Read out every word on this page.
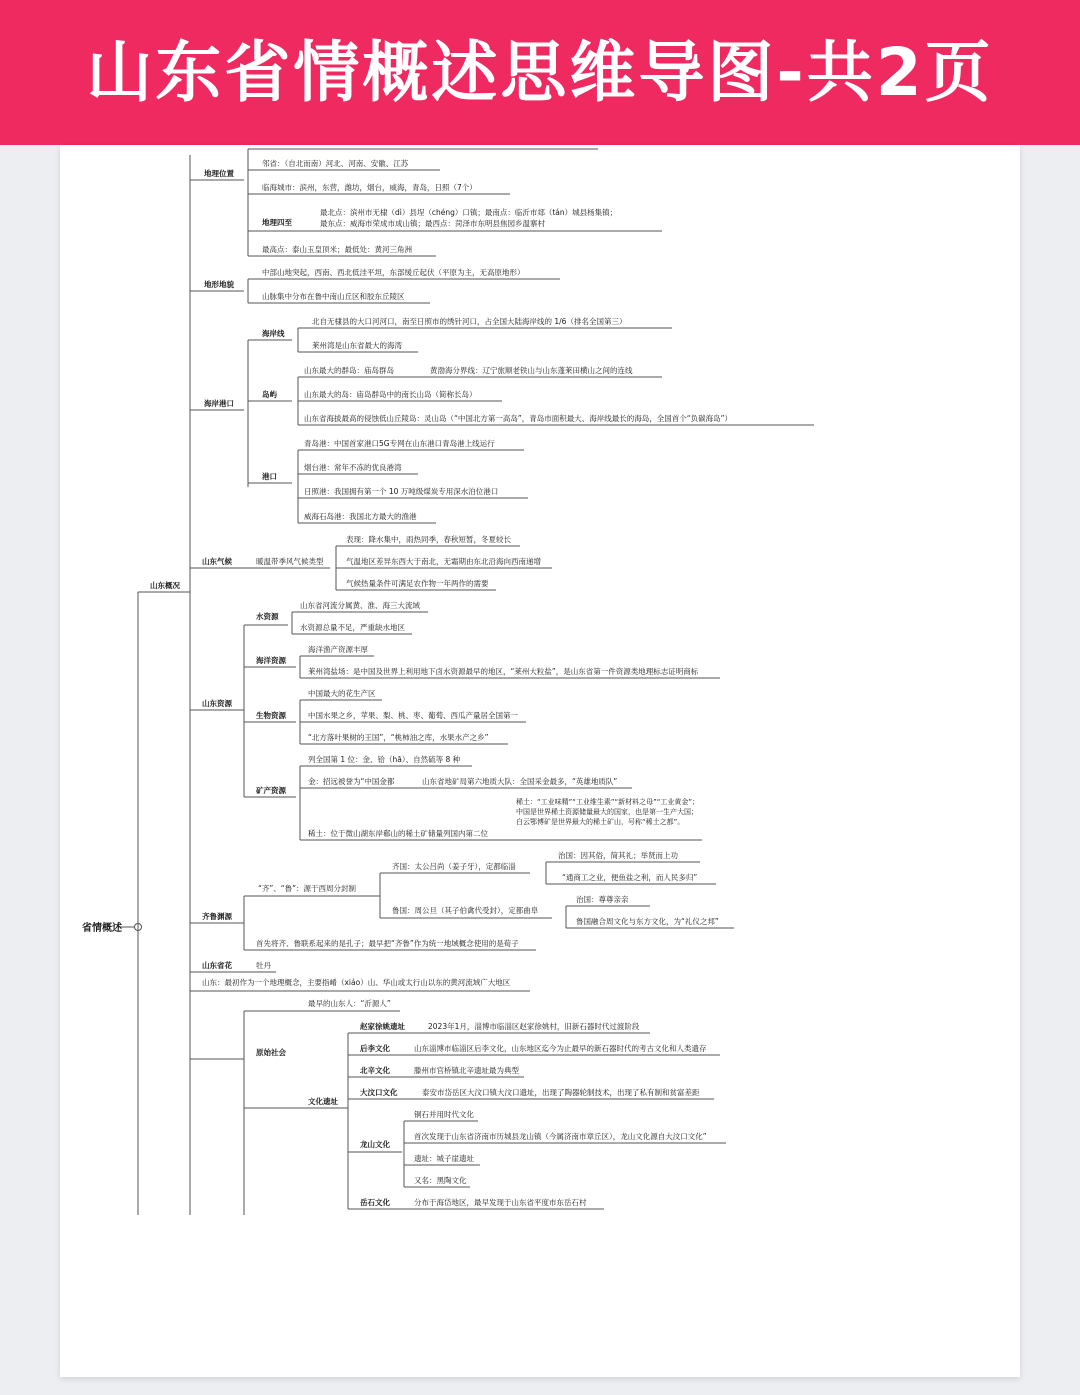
山东省情概述思维导图-共2页
省情概述
山东概况
地理位置
邻省：（自北而南）河北、河南、安徽、江苏
临海城市：滨州，东营，潍坊，烟台，威海，青岛，日照（7个）
地理四至
最北点：滨州市无棣（dì）县埕（chéng）口镇；最南点：临沂市郯（tán）城县杨集镇；
最东点：威海市荣成市成山镇；最西点：菏泽市东明县焦园乡温寨村
最高点：泰山玉皇顶米；最低处：黄河三角洲
地形地貌
中部山地突起，西南、西北低洼平坦，东部缓丘起伏（平原为主，无高原地形）
山脉集中分布在鲁中南山丘区和胶东丘陵区
海岸港口
海岸线
北自无棣县的大口河河口，南至日照市的绣针河口，占全国大陆海岸线的 1/6（排名全国第三）
莱州湾是山东省最大的海湾
岛屿
山东最大的群岛：庙岛群岛	黄渤海分界线：辽宁旅顺老铁山与山东蓬莱田横山之间的连线
山东最大的岛：庙岛群岛中的南长山岛（简称长岛）
山东省海拔最高的侵蚀低山丘陵岛：灵山岛（“中国北方第一高岛”，青岛市面积最大、海岸线最长的海岛，全国首个“负碳海岛”）
港口
青岛港：中国首家港口5G专网在山东港口青岛港上线运行
烟台港：常年不冻的优良港湾
日照港：我国拥有第一个 10 万吨级煤炭专用深水泊位港口
威海石岛港：我国北方最大的渔港
山东气候	暖温带季风气候类型
表现：降水集中，雨热同季，春秋短暂，冬夏较长
气温地区差异东西大于南北，无霜期由东北沿海向西南递增
气候热量条件可满足农作物一年两作的需要
山东资源
水资源
山东省河流分属黄、淮、海三大流域
水资源总量不足，严重缺水地区
海洋资源
海洋渔产资源丰厚
莱州湾盐场：是中国及世界上利用地下卤水资源最早的地区，“莱州大粒盐”，是山东省第一件资源类地理标志证明商标
生物资源
中国最大的花生产区
中国水果之乡，苹果、梨、桃、枣、葡萄、西瓜产量居全国第一
“北方落叶果树的王国”，“桃柿油之库，水果水产之乡”
矿产资源
列全国第 1 位：金、铪（hā）、自然硫等 8 种
金：招远被誉为“中国金都	山东省地矿局第六地质大队：全国采金最多，“英雄地质队”
稀土：位于微山湖东岸郗山的稀土矿储量列国内第二位
稀土：“工业味精”“工业维生素”“新材料之母”“工业黄金”；中国是世界稀土资源储量最大的国家，也是第一生产大国；白云鄂博矿是世界最大的稀土矿山，号称“稀土之都”。
齐鲁渊源
“齐”、“鲁”：源于西周分封制
齐国：太公吕尚（姜子牙），定都临淄
治国：因其俗，简其礼；举贤而上功
“通商工之业，便鱼盐之利，而人民多归”
鲁国：周公旦（其子伯禽代受封），定都曲阜
治国：尊尊亲亲
鲁国融合周文化与东方文化，为“礼仪之邦”
首先将齐、鲁联系起来的是孔子；最早把“齐鲁”作为统一地域概念使用的是荀子
山东省花	牡丹
山东：最初作为一个地理概念，主要指崤（xiáo）山、华山或太行山以东的黄河流域广大地区
原始社会
最早的山东人：“沂源人”
文化遗址
赵家徐姚遗址	2023年1月，淄博市临淄区赵家徐姚村，旧新石器时代过渡阶段
后李文化	山东淄博市临淄区后李文化，山东地区迄今为止最早的新石器时代的考古文化和人类遗存
北辛文化	滕州市官桥镇北辛遗址最为典型
大汶口文化	泰安市岱岳区大汶口镇大汶口遗址，出现了陶器轮制技术，出现了私有制和贫富差距
龙山文化
铜石并用时代文化
首次发现于山东省济南市历城县龙山镇（今属济南市章丘区），龙山文化源自大汶口文化”
遗址：城子崖遗址
又名：黑陶文化
岳石文化	分布于海岱地区，最早发现于山东省平度市东岳石村
